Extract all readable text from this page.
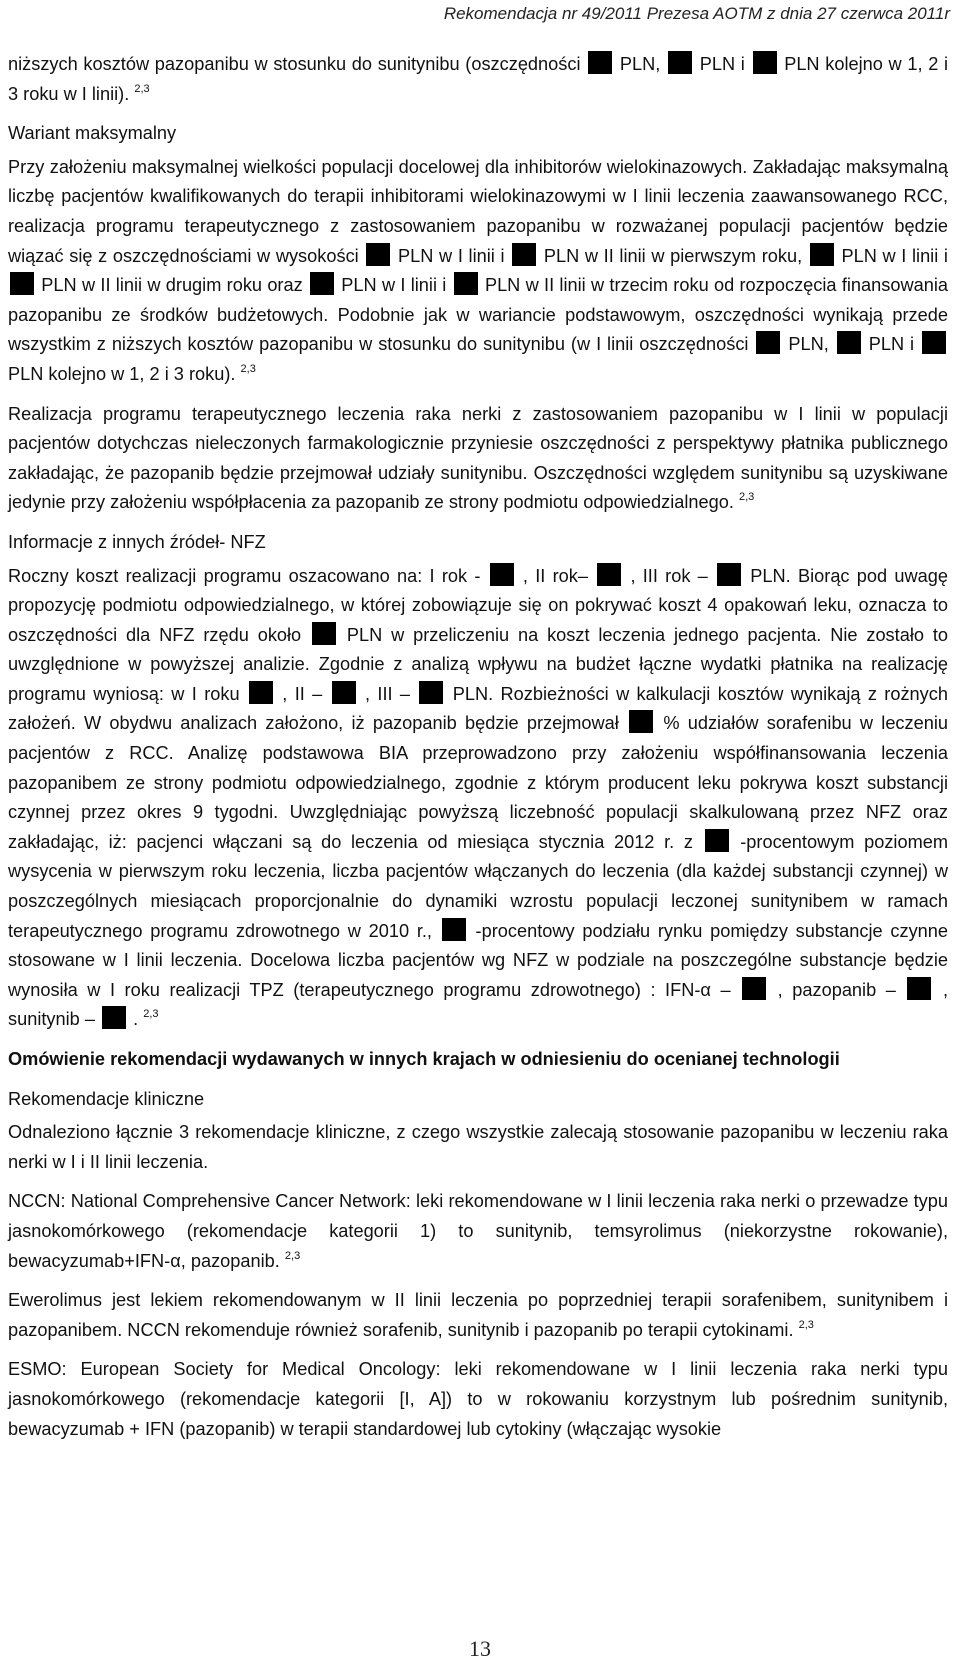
Rekomendacja nr 49/2011 Prezesa AOTM z dnia 27 czerwca 2011r

niższych kosztów pazopanibu w stosunku do sunitynibu (oszczędności PLN, PLN i PLN kolejno w 1, 2 i 3 roku w I linii). $^{2,3}$

Wariant maksymalny

Przy założeniu maksymalnej wielkości populacji docelowej dla inhibitorów wielokinazowych. Zakładając maksymalną liczbę pacjentów kwalifikowanych do terapii inhibitorami wielokinazowymi w I linii leczenia zaawansowanego RCC, realizacja programu terapeutycznego z zastosowaniem pazopanibu w rozważanej populacji pacjentów będzie wiązać się z oszczędnościami w wysokości PLN w I linii i PLN w II linii w pierwszym roku, PLN w I linii i  PLN w II linii w drugim roku oraz PLN w I linii i PLN w II linii w trzecim roku od rozpoczęcia finansowania pazopanibu ze środków budżetowych. Podobnie jak w wariancie podstawowym, oszczędności wynikają przede wszystkim z niższych kosztów pazopanibu w stosunku do sunitynibu (w I linii oszczędności PLN, PLN i  PLN kolejno w 1, 2 i 3 roku). $^{2,3}$

Realizacja programu terapeutycznego leczenia raka nerki z zastosowaniem pazopanibu w I linii w populacji pacjentów dotychczas nieleczonych farmakologicznie przyniesie oszczędności z perspektywy płatnika publicznego zakładając, że pazopanib będzie przejmował udziały sunitynibu. Oszczędności względem sunitynibu są uzyskiwane jedynie przy założeniu współpłacenia za pazopanib ze strony podmiotu odpowiedzialnego. $^{2,3}$

Informacje z innych źródeł- NFZ

Roczny koszt realizacji programu oszacowano na: I rok - , II rok– , III rok – PLN. Biorąc pod uwagę propozycję podmiotu odpowiedzialnego, w której zobowiązuje się on pokrywać koszt 4 opakowań leku, oznacza to oszczędności dla NFZ rzędu około	PLN w przeliczeniu na koszt leczenia jednego pacjenta. Nie zostało to uwzględnione w powyższej analizie. Zgodnie z analizą wpływu na budżet łączne wydatki płatnika na realizację programu wyniosą: w I roku , II – , III – PLN. Rozbieżności w kalkulacji kosztów wynikają z rożnych założeń. W obydwu analizach założono, iż pazopanib będzie przejmował % udziałów sorafenibu w leczeniu pacjentów z RCC. Analizę podstawowa BIA przeprowadzono przy założeniu współfinansowania leczenia pazopanibem ze strony podmiotu odpowiedzialnego, zgodnie z którym producent leku pokrywa koszt substancji czynnej przez okres 9 tygodni. Uwzględniając powyższą liczebność populacji skalkulowaną przez NFZ oraz zakładając, iż: pacjenci włączani są do leczenia od miesiąca stycznia 2012 r. z	-procentowym poziomem wysycenia w pierwszym roku leczenia, liczba pacjentów włączanych do leczenia (dla każdej substancji czynnej) w poszczególnych miesiącach proporcjonalnie do dynamiki wzrostu populacji leczonej sunitynibem w ramach terapeutycznego programu zdrowotnego w 2010 r., -procentowy podziału rynku pomiędzy substancje czynne stosowane w I linii leczenia. Docelowa liczba pacjentów wg NFZ w podziale na poszczególne substancje będzie wynosiła w I roku realizacji TPZ (terapeutycznego programu zdrowotnego) : IFN-α –	, pazopanib –	, sunitynib – . $^{2,3}$

Omówienie rekomendacji wydawanych w innych krajach w odniesieniu do ocenianej technologii

Rekomendacje kliniczne

Odnaleziono łącznie 3 rekomendacje kliniczne, z czego wszystkie zalecają stosowanie pazopanibu w leczeniu raka nerki w I i II linii leczenia.

NCCN: National Comprehensive Cancer Network: leki rekomendowane w I linii leczenia raka nerki o przewadze typu jasnokomórkowego (rekomendacje kategorii 1) to sunitynib, temsyrolimus (niekorzystne rokowanie), bewacyzumab+IFN-α, pazopanib. $^{2,3}$

Ewerolimus jest lekiem rekomendowanym w II linii leczenia po poprzedniej terapii sorafenibem, sunitynibem i pazopanibem. NCCN rekomenduje również sorafenib, sunitynib i pazopanib po terapii cytokinami. $^{2,3}$

ESMO: European Society for Medical Oncology: leki rekomendowane w I linii leczenia raka nerki typu jasnokomórkowego (rekomendacje kategorii [I, A]) to w rokowaniu korzystnym lub pośrednim sunitynib, bewacyzumab + IFN (pazopanib) w terapii standardowej lub cytokiny (włączając wysokie

13
